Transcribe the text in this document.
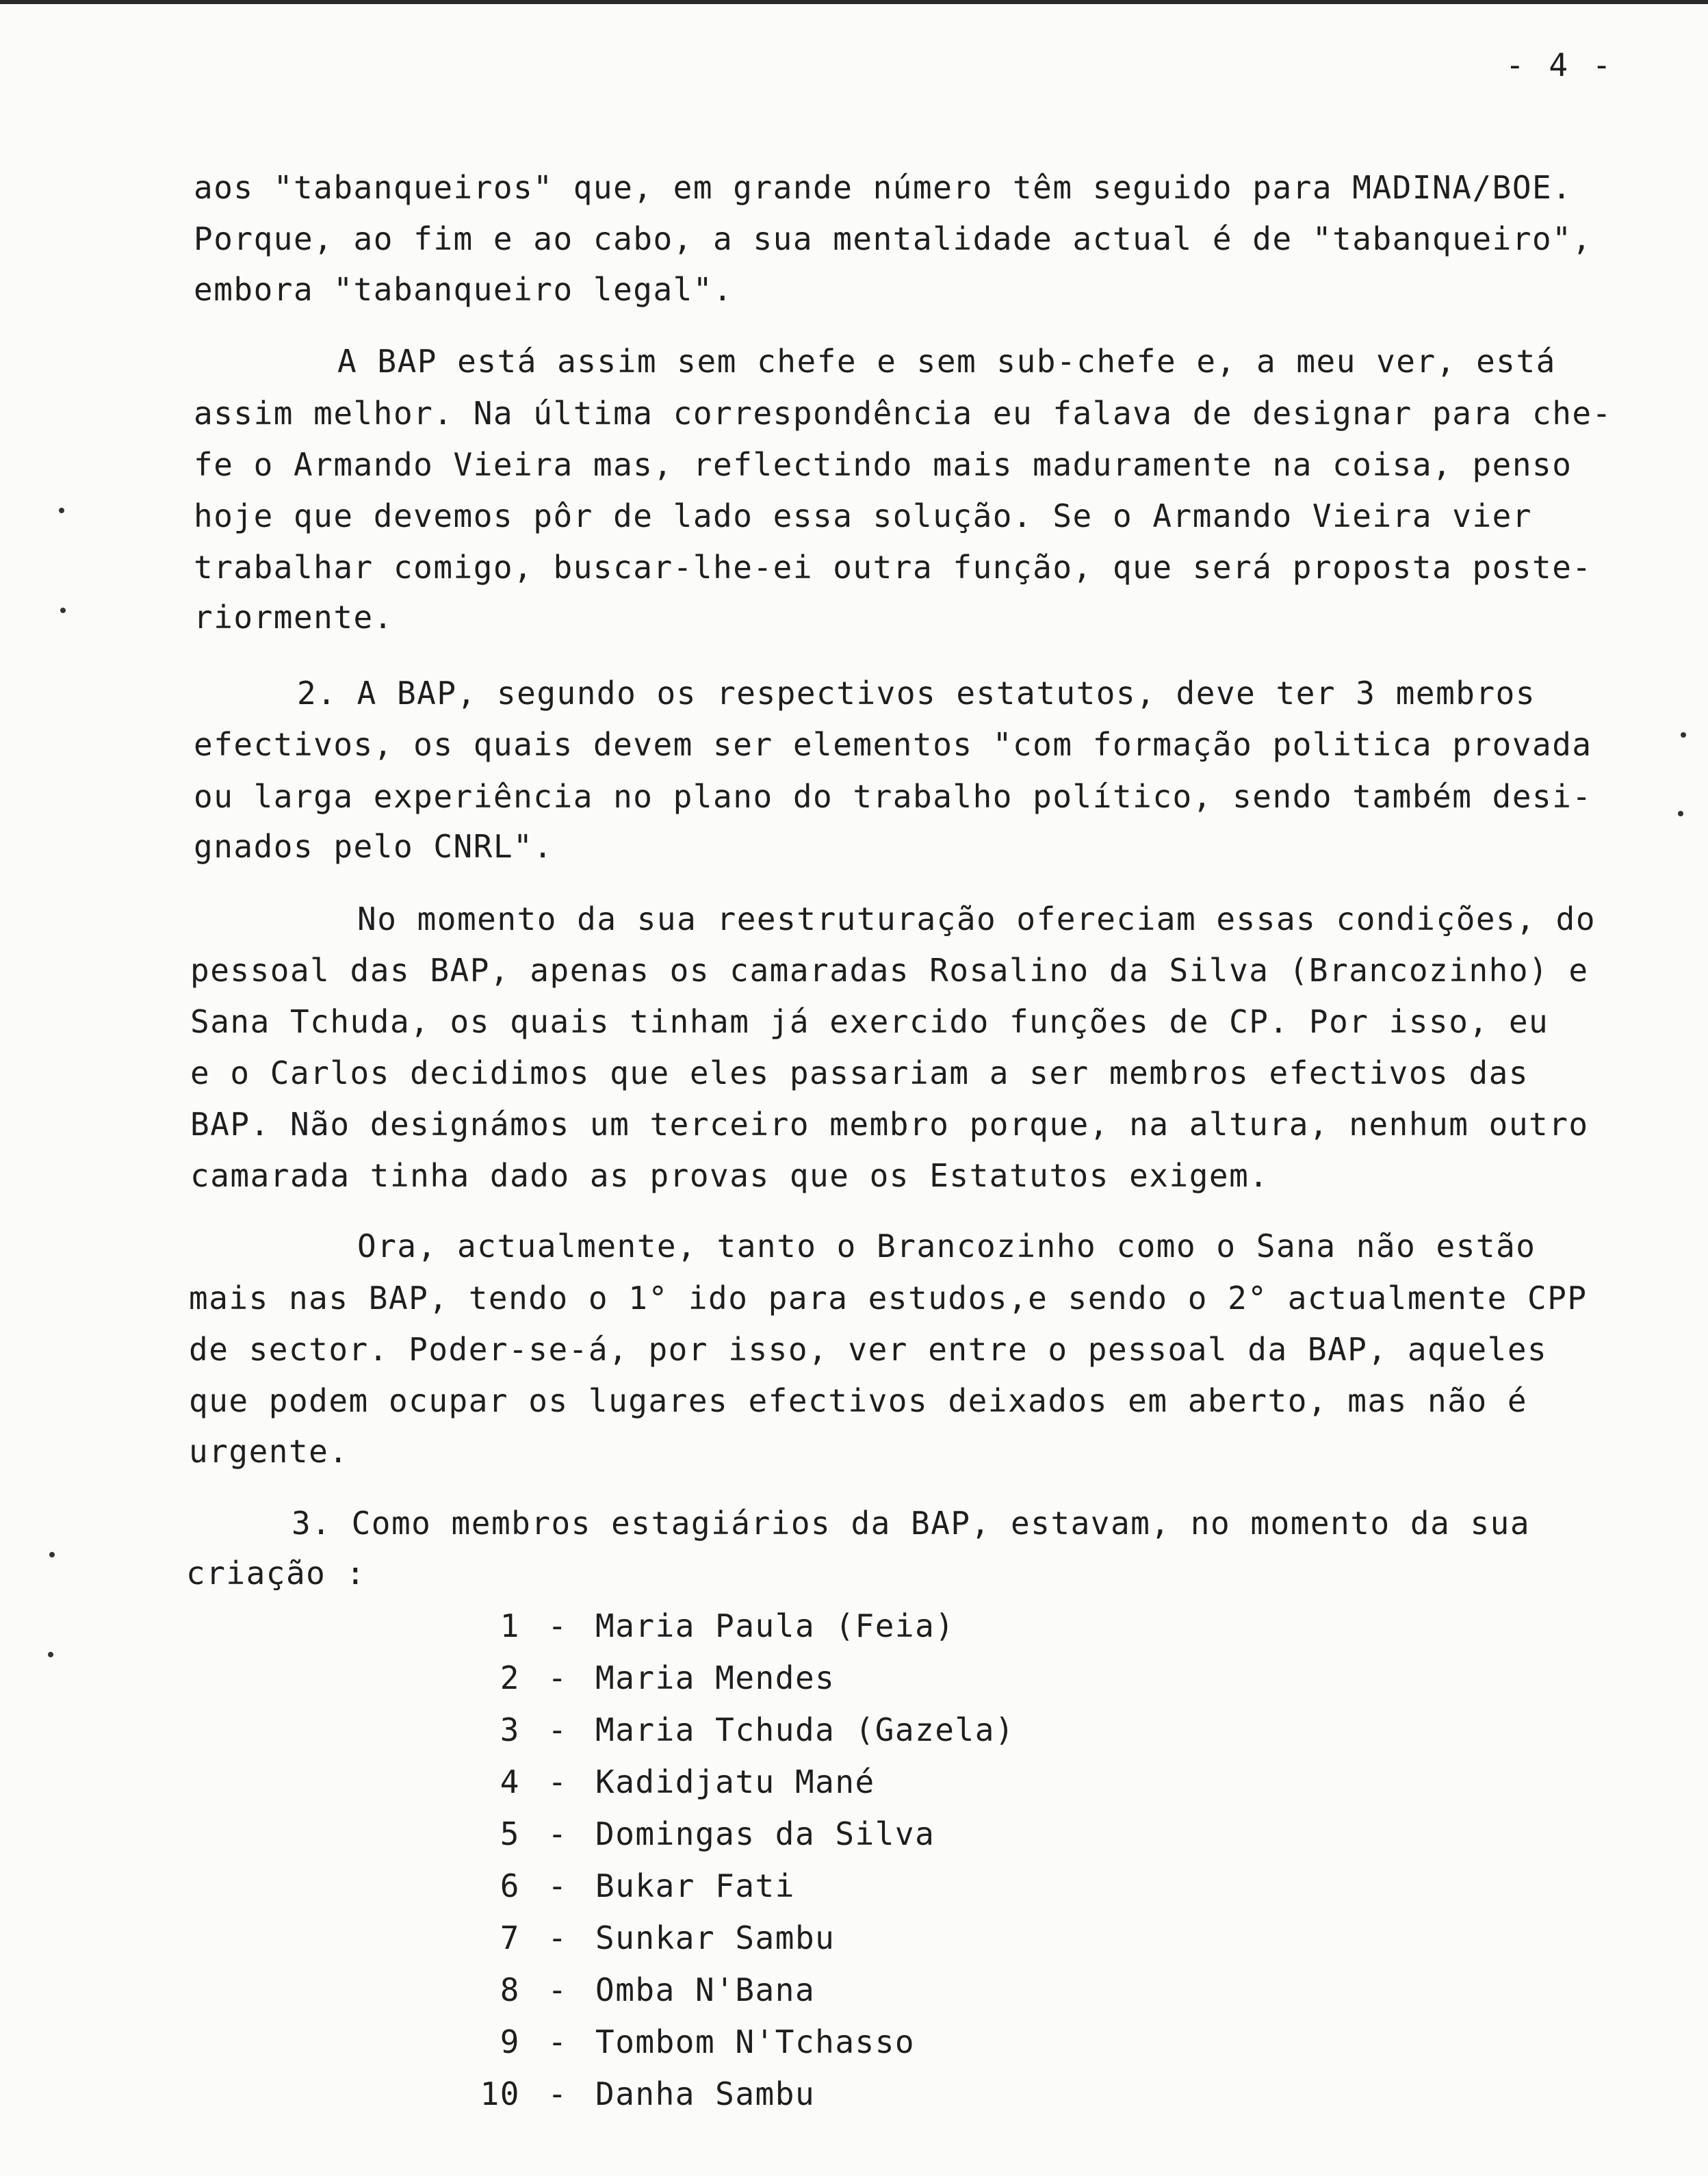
- 4 -
aos "tabanqueiros" que, em grande número têm seguido para MADINA/BOE.
Porque, ao fim e ao cabo, a sua mentalidade actual é de "tabanqueiro",
embora "tabanqueiro legal".
A BAP está assim sem chefe e sem sub-chefe e, a meu ver, está
assim melhor. Na última correspondência eu falava de designar para che-
fe o Armando Vieira mas, reflectindo mais maduramente na coisa, penso
hoje que devemos pôr de lado essa solução. Se o Armando Vieira vier
trabalhar comigo, buscar-lhe-ei outra função, que será proposta poste-
riormente.
2. A BAP, segundo os respectivos estatutos, deve ter 3 membros
efectivos, os quais devem ser elementos "com formação politica provada
ou larga experiência no plano do trabalho político, sendo também desi-
gnados pelo CNRL".
No momento da sua reestruturação ofereciam essas condições, do
pessoal das BAP, apenas os camaradas Rosalino da Silva (Brancozinho) e
Sana Tchuda, os quais tinham já exercido funções de CP. Por isso, eu
e o Carlos decidimos que eles passariam a ser membros efectivos das
BAP. Não designámos um terceiro membro porque, na altura, nenhum outro
camarada tinha dado as provas que os Estatutos exigem.
Ora, actualmente, tanto o Brancozinho como o Sana não estão
mais nas BAP, tendo o 1° ido para estudos,e sendo o 2° actualmente CPP
de sector. Poder-se-á, por isso, ver entre o pessoal da BAP, aqueles
que podem ocupar os lugares efectivos deixados em aberto, mas não é
urgente.
3. Como membros estagiários da BAP, estavam, no momento da sua
criação :
1 - Maria Paula (Feia)
2 - Maria Mendes
3 - Maria Tchuda (Gazela)
4 - Kadidjatu Mané
5 - Domingas da Silva
6 - Bukar Fati
7 - Sunkar Sambu
8 - Omba N'Bana
9 - Tombom N'Tchasso
10 - Danha Sambu
